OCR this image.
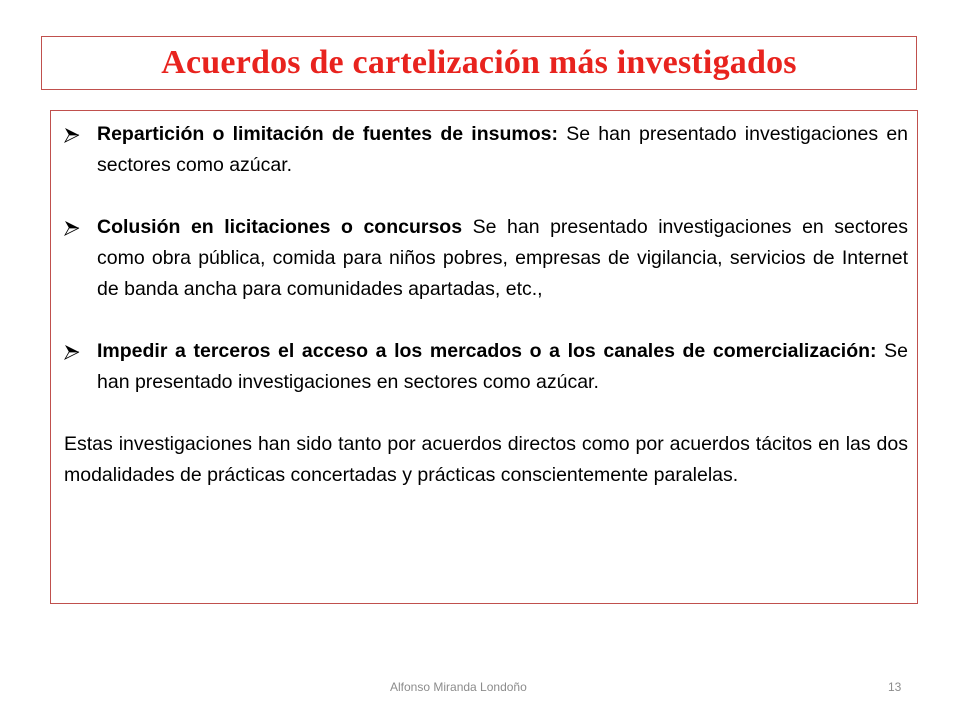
Acuerdos de cartelización más investigados

Repartición o limitación de fuentes de insumos: Se han presentado investigaciones en sectores como azúcar.

Colusión en licitaciones o concursos Se han presentado investigaciones en sectores como obra pública, comida para niños pobres, empresas de vigilancia, servicios de Internet de banda ancha para comunidades apartadas, etc.,

Impedir a terceros el acceso a los mercados o a los canales de comercialización: Se han presentado investigaciones en sectores como azúcar.

Estas investigaciones han sido tanto por acuerdos directos como por acuerdos tácitos en las dos modalidades de prácticas concertadas y prácticas conscientemente paralelas.

Alfonso Miranda Londoño	13
